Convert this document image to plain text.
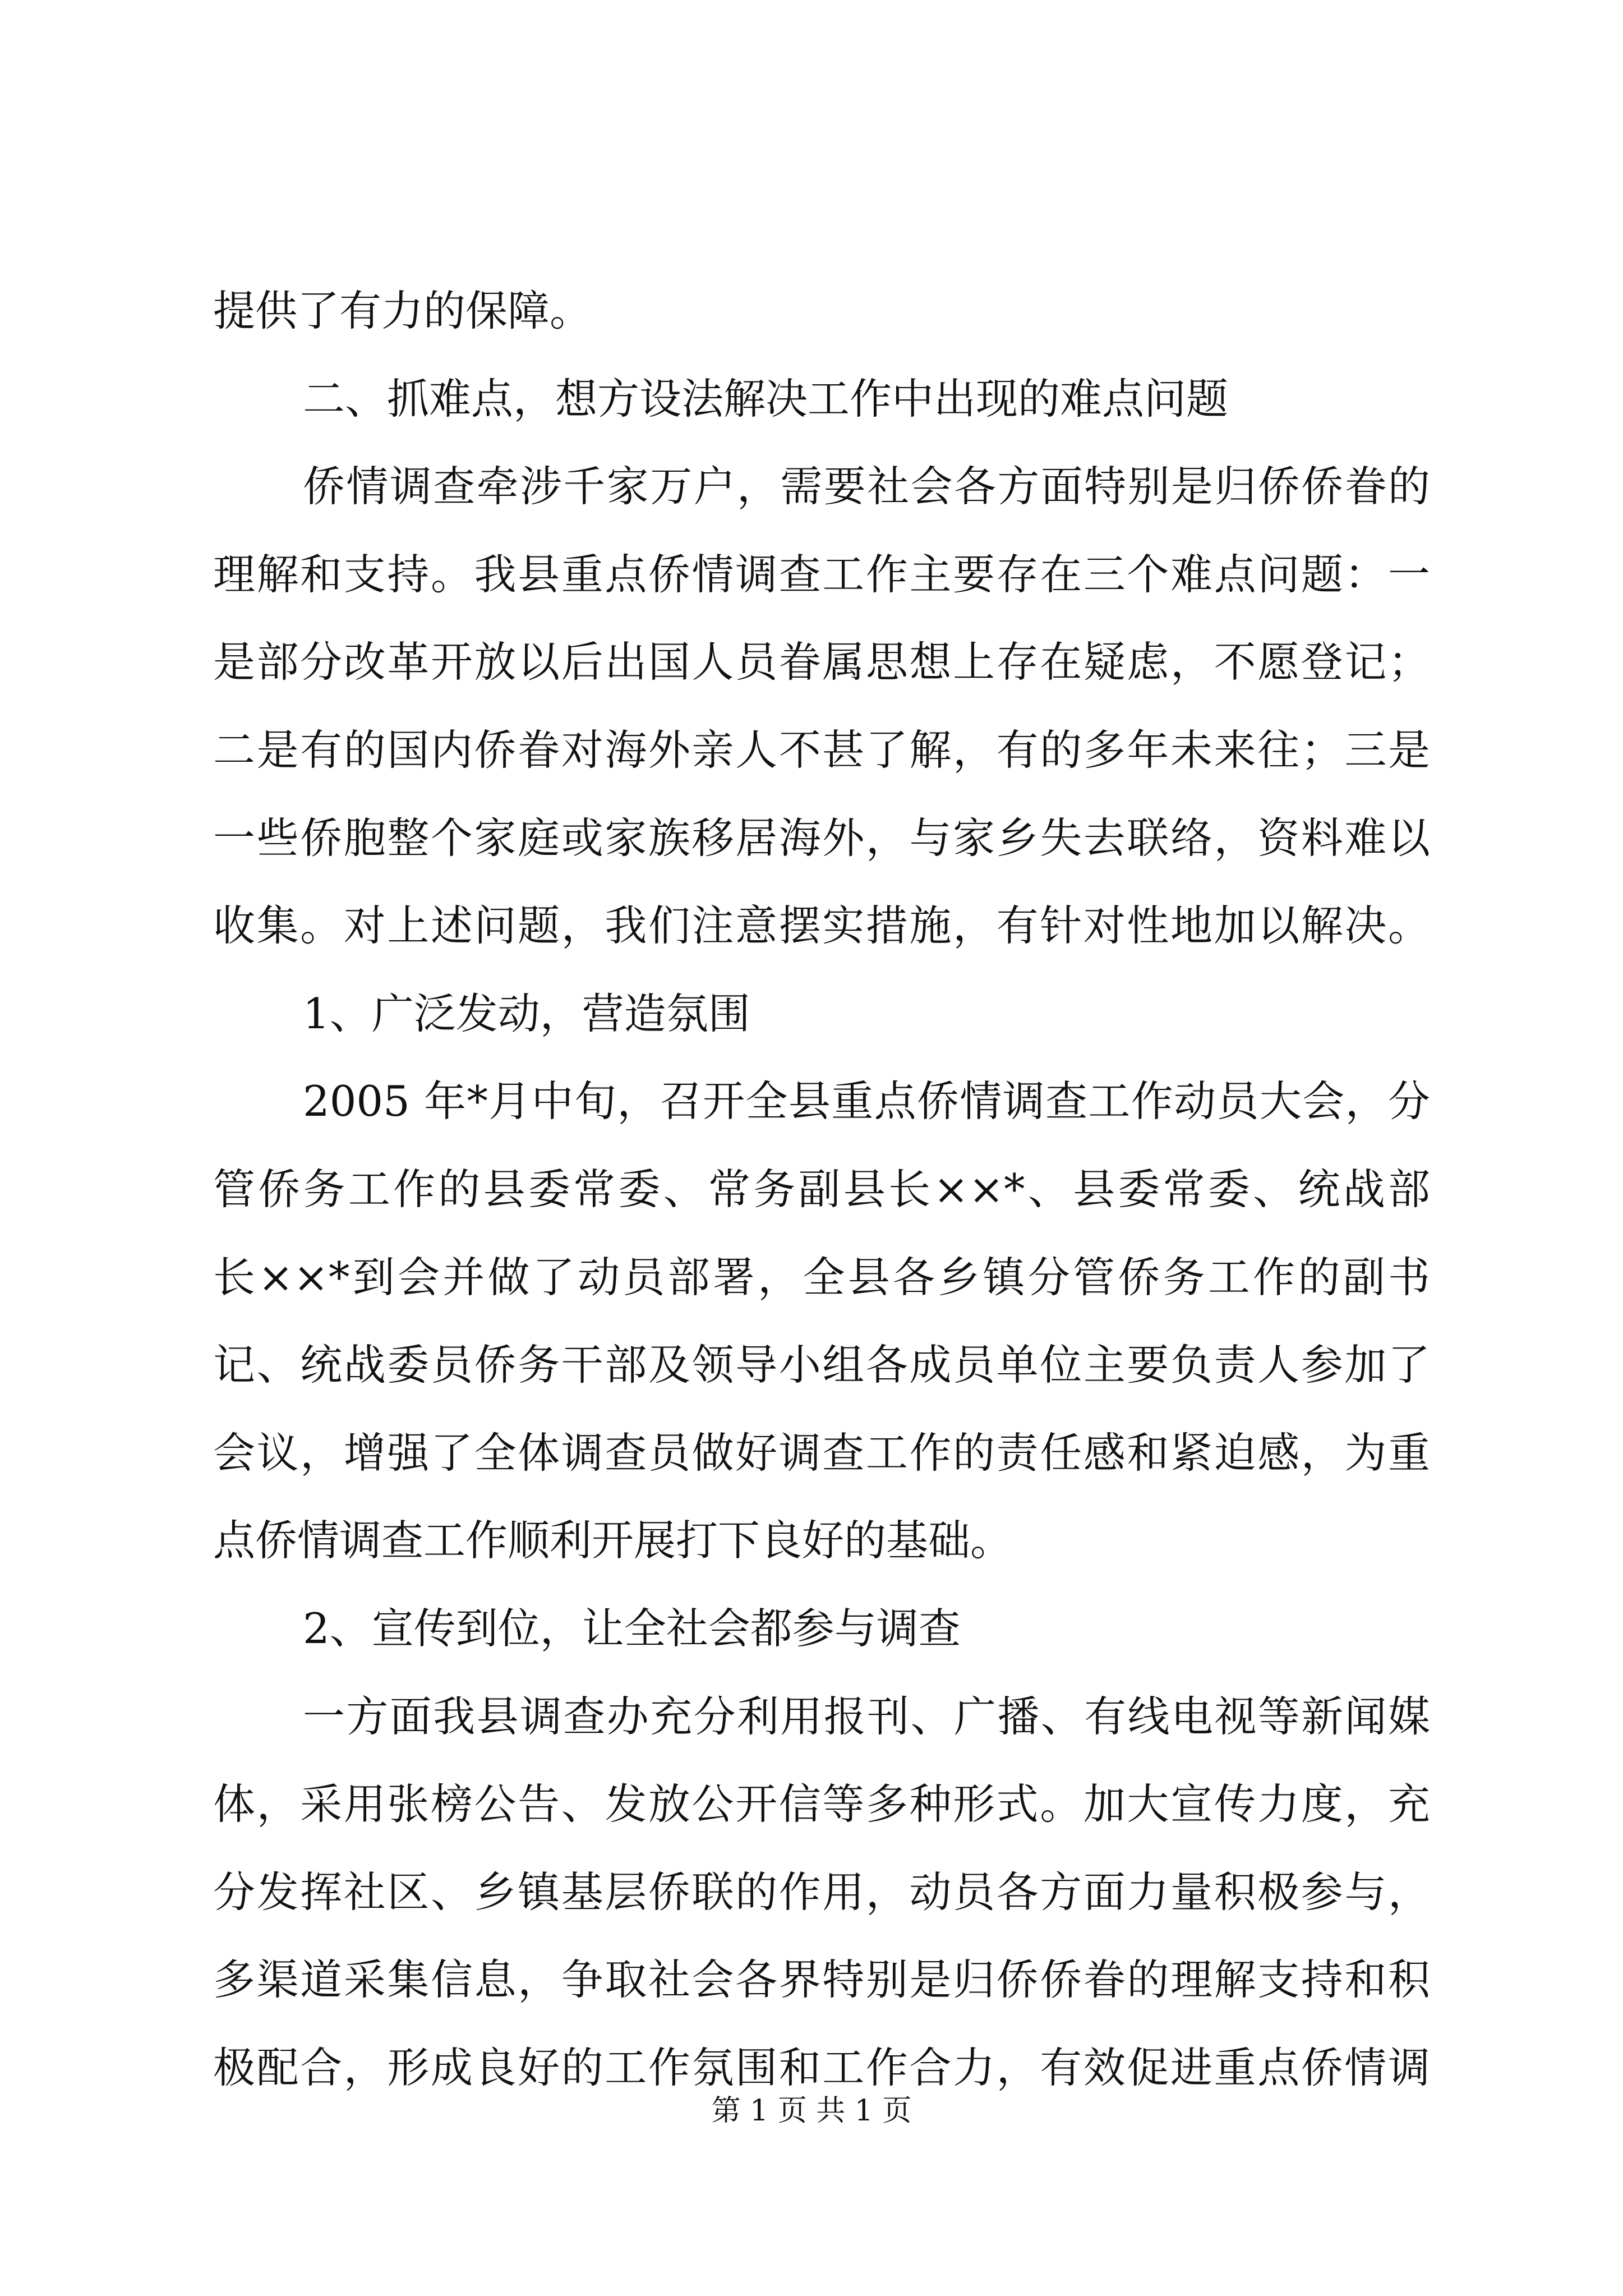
提供了有力的保障。
二、抓难点，想方设法解决工作中出现的难点问题
侨情调查牵涉千家万户，需要社会各方面特别是归侨侨眷的
理解和支持。我县重点侨情调查工作主要存在三个难点问题：一
是部分改革开放以后出国人员眷属思想上存在疑虑，不愿登记；
二是有的国内侨眷对海外亲人不甚了解，有的多年未来往；三是
一些侨胞整个家庭或家族移居海外，与家乡失去联络，资料难以
收集。对上述问题，我们注意摆实措施，有针对性地加以解决。
1、广泛发动，营造氛围
2005 年*月中旬，召开全县重点侨情调查工作动员大会，分
管侨务工作的县委常委、常务副县长××*、县委常委、统战部
长××*到会并做了动员部署，全县各乡镇分管侨务工作的副书
记、统战委员侨务干部及领导小组各成员单位主要负责人参加了
会议，增强了全体调查员做好调查工作的责任感和紧迫感，为重
点侨情调查工作顺利开展打下良好的基础。
2、宣传到位，让全社会都参与调查
一方面我县调查办充分利用报刊、广播、有线电视等新闻媒
体，采用张榜公告、发放公开信等多种形式。加大宣传力度，充
分发挥社区、乡镇基层侨联的作用，动员各方面力量积极参与，
多渠道采集信息，争取社会各界特别是归侨侨眷的理解支持和积
极配合，形成良好的工作氛围和工作合力，有效促进重点侨情调
第 1 页 共 1 页
